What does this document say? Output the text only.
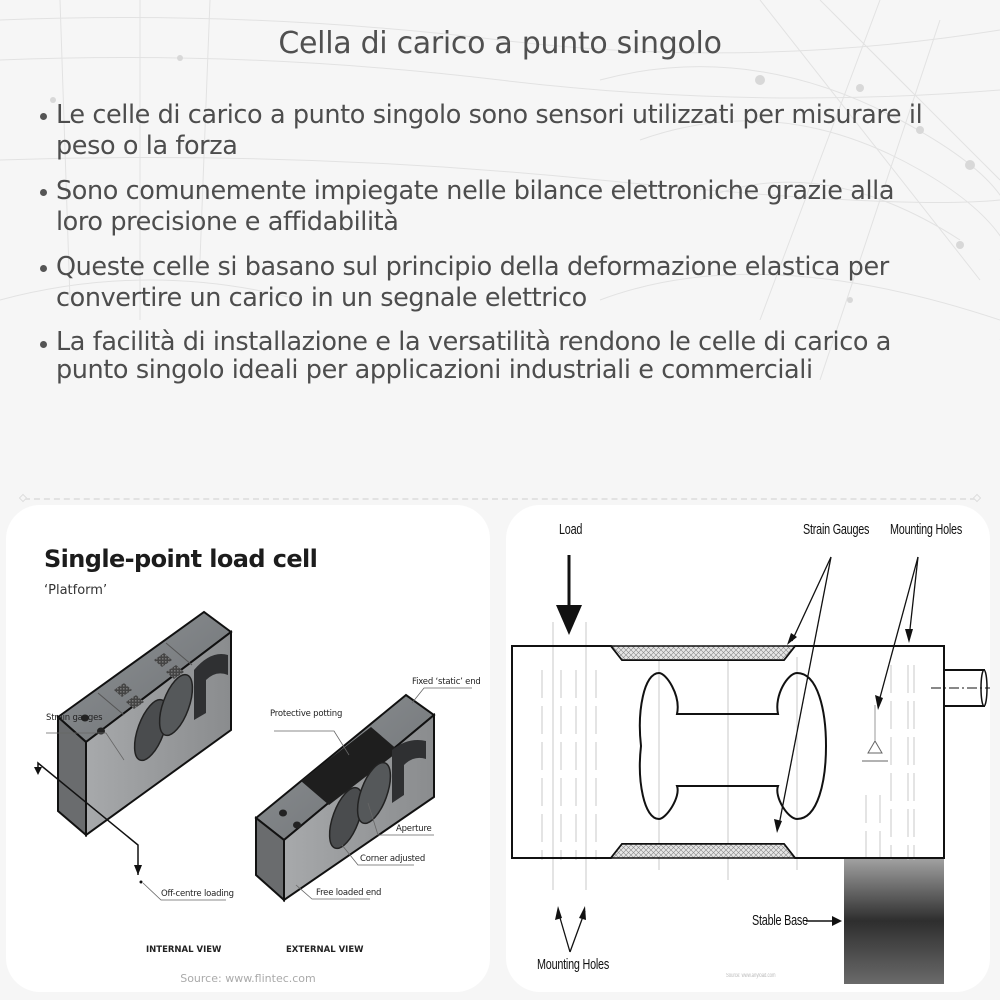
Cella di carico a punto singolo
Le celle di carico a punto singolo sono sensori utilizzati per misurare il peso o la forza
Sono comunemente impiegate nelle bilance elettroniche grazie alla loro precisione e affidabilità
Queste celle si basano sul principio della deformazione elastica per convertire un carico in un segnale elettrico
La facilità di installazione e la versatilità rendono le celle di carico a punto singolo ideali per applicazioni industriali e commerciali
Single-point load cell
‘Platform’
Strain gauges
Off-centre loading
Fixed ‘static’ end
Protective potting
Aperture
Corner adjusted
Free loaded end
INTERNAL VIEW	EXTERNAL VIEW
Source: www.flintec.com
Load	Strain Gauges Mounting Holes
Mounting Holes
Stable Base
Source: www.anyload.com
